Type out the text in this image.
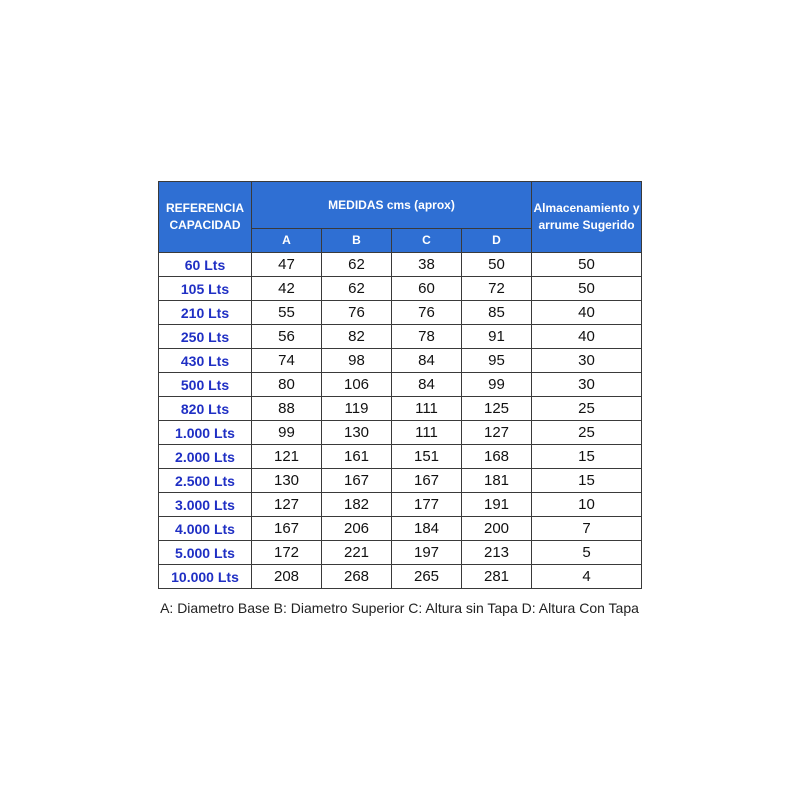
REFERENCIA CAPACIDAD	MEDIDAS cms (aprox)				Almacenamiento y arrume Sugerido
	A	B	C	D	
60 Lts	47	62	38	50	50
105 Lts	42	62	60	72	50
210 Lts	55	76	76	85	40
250 Lts	56	82	78	91	40
430 Lts	74	98	84	95	30
500 Lts	80	106	84	99	30
820 Lts	88	119	111	125	25
1.000 Lts	99	130	111	127	25
2.000 Lts	121	161	151	168	15
2.500 Lts	130	167	167	181	15
3.000 Lts	127	182	177	191	10
4.000 Lts	167	206	184	200	7
5.000 Lts	172	221	197	213	5
10.000 Lts	208	268	265	281	4
A: Diametro Base B: Diametro Superior C: Altura sin Tapa D: Altura Con Tapa
